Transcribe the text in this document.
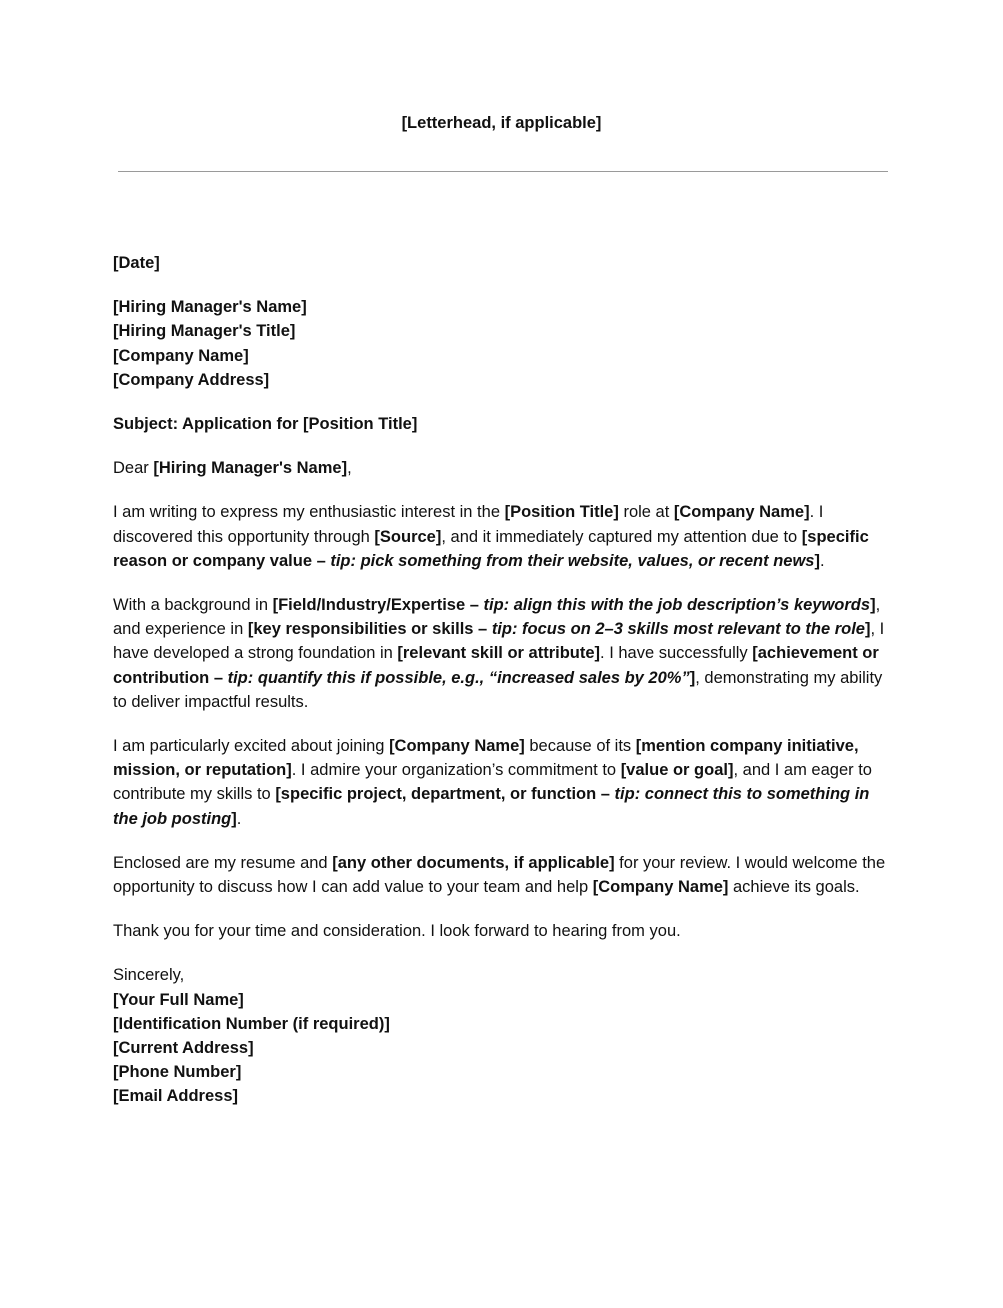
[Letterhead, if applicable]

[Date]

[Hiring Manager's Name]
[Hiring Manager's Title]
[Company Name]
[Company Address]

Subject: Application for [Position Title]

Dear [Hiring Manager's Name],

I am writing to express my enthusiastic interest in the [Position Title] role at [Company Name]. I discovered this opportunity through [Source], and it immediately captured my attention due to [specific reason or company value – tip: pick something from their website, values, or recent news].

With a background in [Field/Industry/Expertise – tip: align this with the job description’s keywords], and experience in [key responsibilities or skills – tip: focus on 2–3 skills most relevant to the role], I have developed a strong foundation in [relevant skill or attribute]. I have successfully [achievement or contribution – tip: quantify this if possible, e.g., “increased sales by 20%”], demonstrating my ability to deliver impactful results.

I am particularly excited about joining [Company Name] because of its [mention company initiative, mission, or reputation]. I admire your organization’s commitment to [value or goal], and I am eager to contribute my skills to [specific project, department, or function – tip: connect this to something in the job posting].

Enclosed are my resume and [any other documents, if applicable] for your review. I would welcome the opportunity to discuss how I can add value to your team and help [Company Name] achieve its goals.

Thank you for your time and consideration. I look forward to hearing from you.

Sincerely,
[Your Full Name]
[Identification Number (if required)]
[Current Address]
[Phone Number]
[Email Address]
